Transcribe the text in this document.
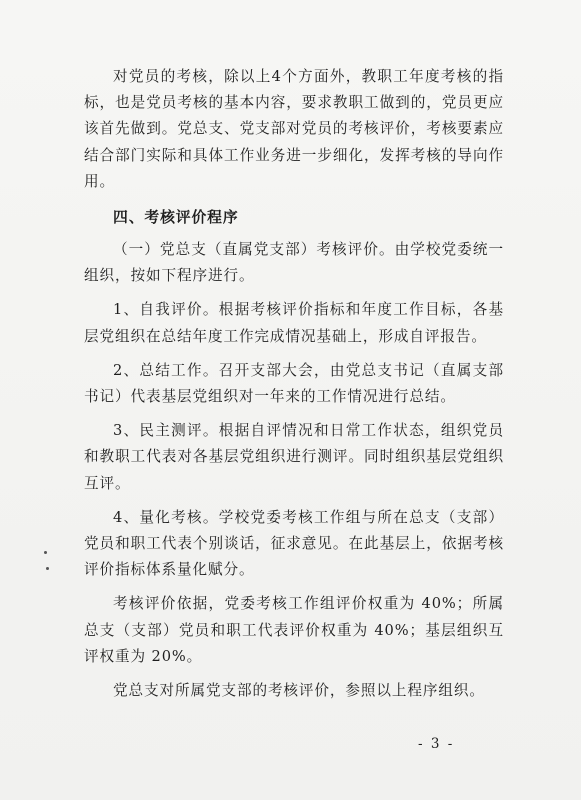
对党员的考核，除以上4个方面外，教职工年度考核的指标，也是党员考核的基本内容，要求教职工做到的，党员更应该首先做到。党总支、党支部对党员的考核评价，考核要素应结合部门实际和具体工作业务进一步细化，发挥考核的导向作用。

四、考核评价程序

（一）党总支（直属党支部）考核评价。由学校党委统一组织，按如下程序进行。

1、自我评价。根据考核评价指标和年度工作目标，各基层党组织在总结年度工作完成情况基础上，形成自评报告。

2、总结工作。召开支部大会，由党总支书记（直属支部书记）代表基层党组织对一年来的工作情况进行总结。

3、民主测评。根据自评情况和日常工作状态，组织党员和教职工代表对各基层党组织进行测评。同时组织基层党组织互评。

4、量化考核。学校党委考核工作组与所在总支（支部）党员和职工代表个别谈话，征求意见。在此基层上，依据考核评价指标体系量化赋分。

考核评价依据，党委考核工作组评价权重为 40%；所属总支（支部）党员和职工代表评价权重为 40%；基层组织互评权重为 20%。

党总支对所属党支部的考核评价，参照以上程序组织。

- 3 -
